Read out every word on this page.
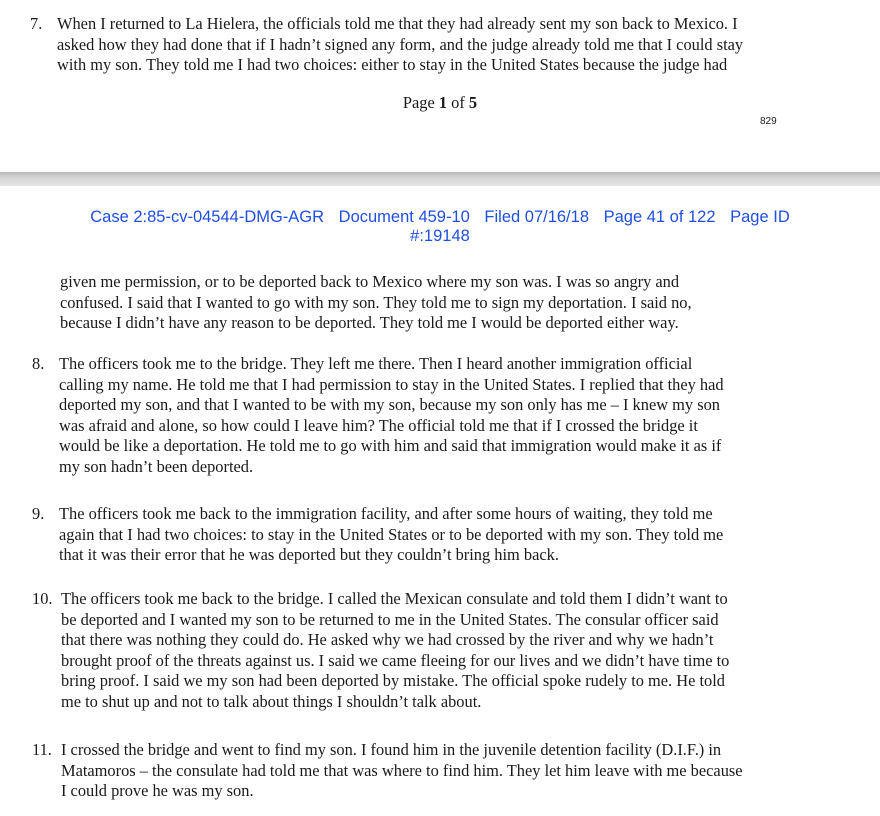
7. When I returned to La Hielera, the officials told me that they had already sent my son back to Mexico. I
asked how they had done that if I hadn’t signed any form, and the judge already told me that I could stay
with my son. They told me I had two choices: either to stay in the United States because the judge had
Page 1 of 5
829
Case 2:85-cv-04544-DMG-AGR Document 459-10 Filed 07/16/18 Page 41 of 122 Page ID
#:19148
given me permission, or to be deported back to Mexico where my son was. I was so angry and
confused. I said that I wanted to go with my son. They told me to sign my deportation. I said no,
because I didn’t have any reason to be deported. They told me I would be deported either way.
8. The officers took me to the bridge. They left me there. Then I heard another immigration official
calling my name. He told me that I had permission to stay in the United States. I replied that they had
deported my son, and that I wanted to be with my son, because my son only has me – I knew my son
was afraid and alone, so how could I leave him? The official told me that if I crossed the bridge it
would be like a deportation. He told me to go with him and said that immigration would make it as if
my son hadn’t been deported.
9. The officers took me back to the immigration facility, and after some hours of waiting, they told me
again that I had two choices: to stay in the United States or to be deported with my son. They told me
that it was their error that he was deported but they couldn’t bring him back.
10. The officers took me back to the bridge. I called the Mexican consulate and told them I didn’t want to
be deported and I wanted my son to be returned to me in the United States. The consular officer said
that there was nothing they could do. He asked why we had crossed by the river and why we hadn’t
brought proof of the threats against us. I said we came fleeing for our lives and we didn’t have time to
bring proof. I said we my son had been deported by mistake. The official spoke rudely to me. He told
me to shut up and not to talk about things I shouldn’t talk about.
11. I crossed the bridge and went to find my son. I found him in the juvenile detention facility (D.I.F.) in
Matamoros – the consulate had told me that was where to find him. They let him leave with me because
I could prove he was my son.
